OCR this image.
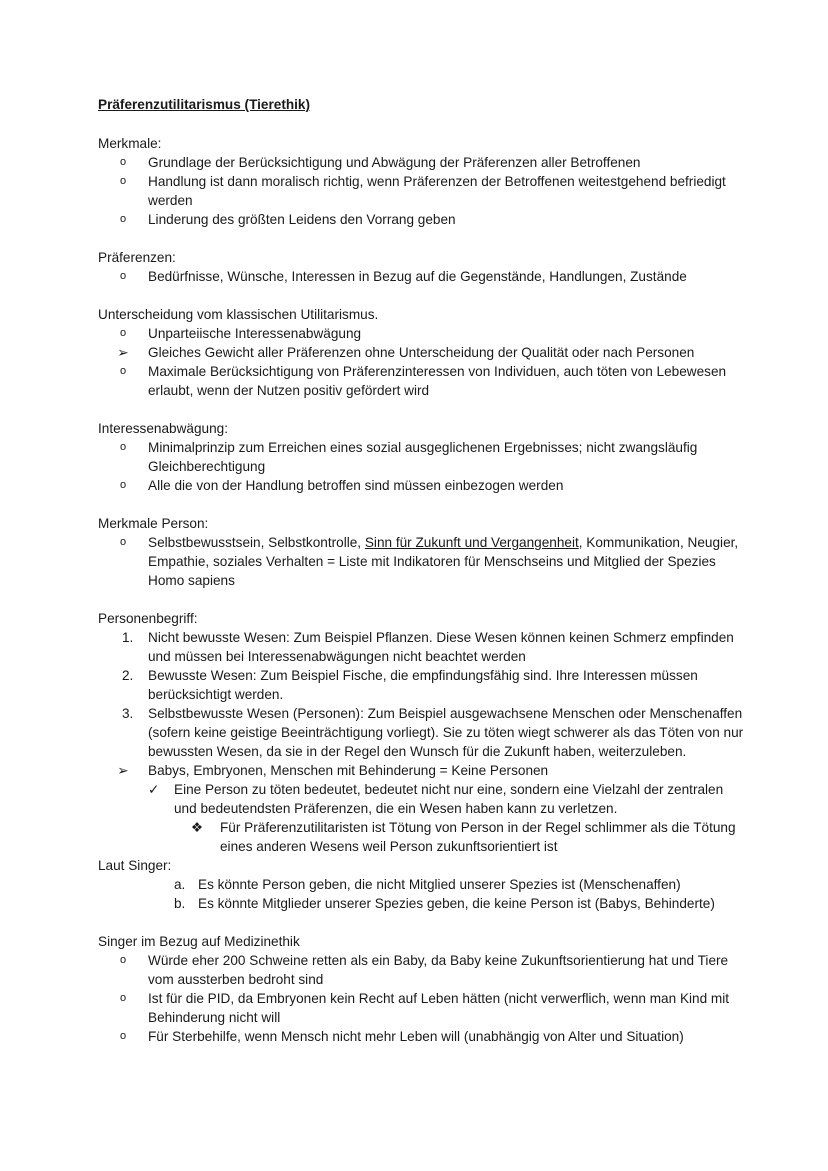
Präferenzutilitarismus (Tierethik)
Merkmale:
o	Grundlage der Berücksichtigung und Abwägung der Präferenzen aller Betroffenen
o	Handlung ist dann moralisch richtig, wenn Präferenzen der Betroffenen weitestgehend befriedigt werden
o	Linderung des größten Leidens den Vorrang geben
Präferenzen:
o	Bedürfnisse, Wünsche, Interessen in Bezug auf die Gegenstände, Handlungen, Zustände
Unterscheidung vom klassischen Utilitarismus.
o	Unparteiische Interessenabwägung
➢	Gleiches Gewicht aller Präferenzen ohne Unterscheidung der Qualität oder nach Personen
o	Maximale Berücksichtigung von Präferenzinteressen von Individuen, auch töten von Lebewesen erlaubt, wenn der Nutzen positiv gefördert wird
Interessenabwägung:
o	Minimalprinzip zum Erreichen eines sozial ausgeglichenen Ergebnisses; nicht zwangsläufig Gleichberechtigung
o	Alle die von der Handlung betroffen sind müssen einbezogen werden
Merkmale Person:
o	Selbstbewusstsein, Selbstkontrolle, Sinn für Zukunft und Vergangenheit, Kommunikation, Neugier, Empathie, soziales Verhalten = Liste mit Indikatoren für Menschseins und Mitglied der Spezies Homo sapiens
Personenbegriff:
1.	Nicht bewusste Wesen: Zum Beispiel Pflanzen. Diese Wesen können keinen Schmerz empfinden und müssen bei Interessenabwägungen nicht beachtet werden
2.	Bewusste Wesen: Zum Beispiel Fische, die empfindungsfähig sind. Ihre Interessen müssen berücksichtigt werden.
3.	Selbstbewusste Wesen (Personen): Zum Beispiel ausgewachsene Menschen oder Menschenaffen (sofern keine geistige Beeinträchtigung vorliegt). Sie zu töten wiegt schwerer als das Töten von nur bewussten Wesen, da sie in der Regel den Wunsch für die Zukunft haben, weiterzuleben.
➢	Babys, Embryonen, Menschen mit Behinderung = Keine Personen
✓	Eine Person zu töten bedeutet, bedeutet nicht nur eine, sondern eine Vielzahl der zentralen und bedeutendsten Präferenzen, die ein Wesen haben kann zu verletzen.
❖	Für Präferenzutilitaristen ist Tötung von Person in der Regel schlimmer als die Tötung eines anderen Wesens weil Person zukunftsorientiert ist
Laut Singer:
a. Es könnte Person geben, die nicht Mitglied unserer Spezies ist (Menschenaffen)
b. Es könnte Mitglieder unserer Spezies geben, die keine Person ist (Babys, Behinderte)
Singer im Bezug auf Medizinethik
o	Würde eher 200 Schweine retten als ein Baby, da Baby keine Zukunftsorientierung hat und Tiere vom aussterben bedroht sind
o	Ist für die PID, da Embryonen kein Recht auf Leben hätten (nicht verwerflich, wenn man Kind mit Behinderung nicht will
o	Für Sterbehilfe, wenn Mensch nicht mehr Leben will (unabhängig von Alter und Situation)
